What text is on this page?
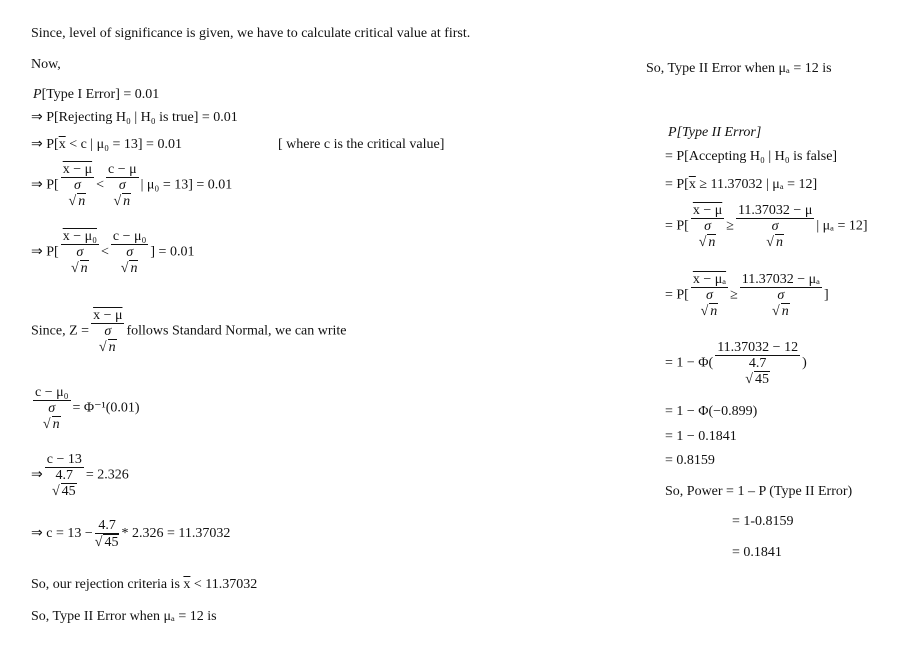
Since, level of significance is given, we have to calculate critical value at first.
Now,
P[Type I Error] = 0.01
⇒ P[Rejecting H₀ | H₀ is true] = 0.01
⇒ $P[\overline{x} < c$ | μ₀ = 13] = 0.01	[ where c is the critical value]
⇒ P[
x − μ
σ
√ n
<
c − μ
σ
√ n
| μ₀ = 13] = 0.01
⇒ P[
x − μ₀
σ
√ n
<
c − μ₀
σ
√ n
] = 0.01
Since, Z =
x − μ
σ
√ n
follows Standard Normal, we can write
c − μ₀
σ
√ n
= Φ⁻¹(0.01)
⇒
c − 13
4.7
√ 45
= 2.326
⇒ $c = 13 - \frac{4.7}{√ 45} * 2.326 = 11.37032$
So, our rejection criteria is $\overline{x} < 11.37032$
So, Type II Error when μₐ = 12 is
So, Type II Error when μₐ = 12 is
P[Type II Error]
= P[Accepting H₀ | H₀ is false]
= $P[\overline{x} \ge 11.37032$ | μₐ = 12]
= P[
x − μ
σ
√ n
≥
11.37032 − μ
σ
√ n
| μₐ = 12]
= P[
x − μₐ
σ
√ n
≥
11.37032 − μₐ
σ
√ n
]
= 1 − Φ(
11.37032 − 12
4.7
√ 45
)
= 1 − Φ(−0.899)
= 1 − 0.1841
= 0.8159
So, Power = 1 – P (Type II Error)
= 1-0.8159
= 0.1841
